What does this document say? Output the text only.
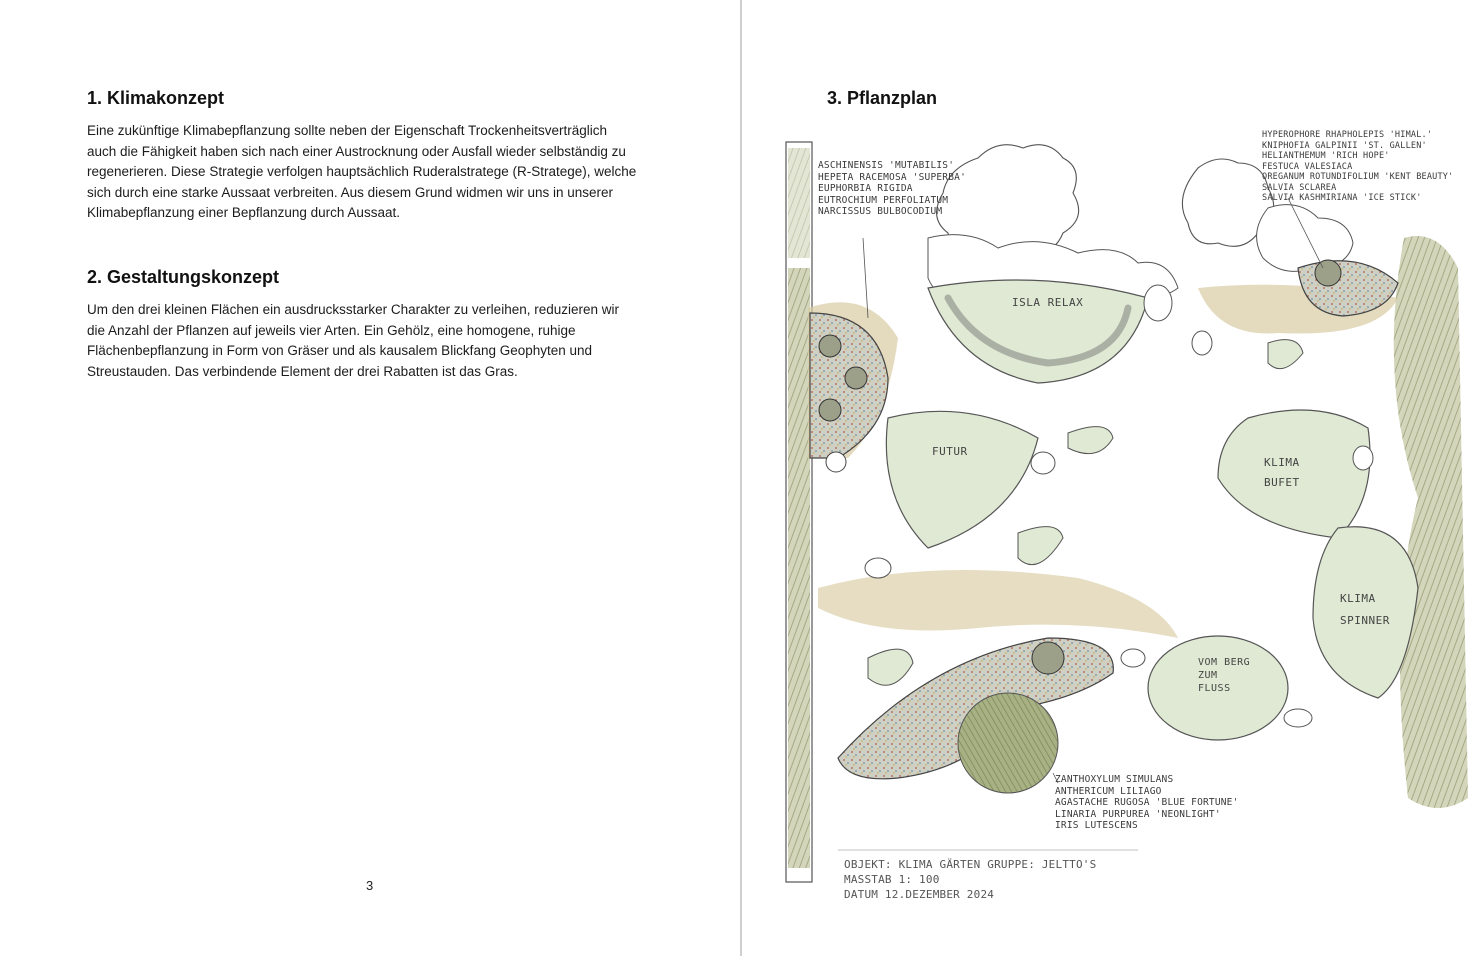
1. Klimakonzept

Eine zukünftige Klimabepflanzung sollte neben der Eigenschaft Trockenheitsverträglich
auch die Fähigkeit haben sich nach einer Austrocknung oder Ausfall wieder selbständig zu
regenerieren. Diese Strategie verfolgen hauptsächlich Ruderalstratege (R-Stratege), welche
sich durch eine starke Aussaat verbreiten. Aus diesem Grund widmen wir uns in unserer
Klimabepflanzung einer Bepflanzung durch Aussaat.

2. Gestaltungskonzept

Um den drei kleinen Flächen ein ausdrucksstarker Charakter zu verleihen, reduzieren wir
die Anzahl der Pflanzen auf jeweils vier Arten. Ein Gehölz, eine homogene, ruhige
Flächenbepflanzung in Form von Gräser und als kausalem Blickfang Geophyten und
Streustauden. Das verbindende Element der drei Rabatten ist das Gras.

3
3. Pflanzplan
ASCHINENSIS 'MUTABILIS'
HEPETA RACEMOSA 'SUPERBA'
EUPHORBIA RIGIDA
EUTROCHIUM PERFOLIATUM
NARCISSUS BULBOCODIUM
HYPEROPHORE RHAPHOLEPIS 'HIMAL.'
KNIPHOFIA GALPINII 'ST. GALLEN'
HELIANTHEMUM 'RICH HOPE'
FESTUCA VALESIACA
OREGANUM ROTUNDIFOLIUM 'KENT BEAUTY'
SALVIA SCLAREA
SALVIA KASHMIRIANA 'ICE STICK'
ZANTHOXYLUM SIMULANS
ANTHERICUM LILIAGO
AGASTACHE RUGOSA 'BLUE FORTUNE'
LINARIA PURPUREA 'NEONLIGHT'
IRIS LUTESCENS
ISLA RELAX
FUTUR
KLIMA
BUFET
KLIMA
SPINNER
VOM BERG
ZUM
FLUSS
OBJEKT: KLIMA GÄRTEN GRUPPE: JELTTO'S
MASSTAB 1: 100
DATUM 12.DEZEMBER 2024
